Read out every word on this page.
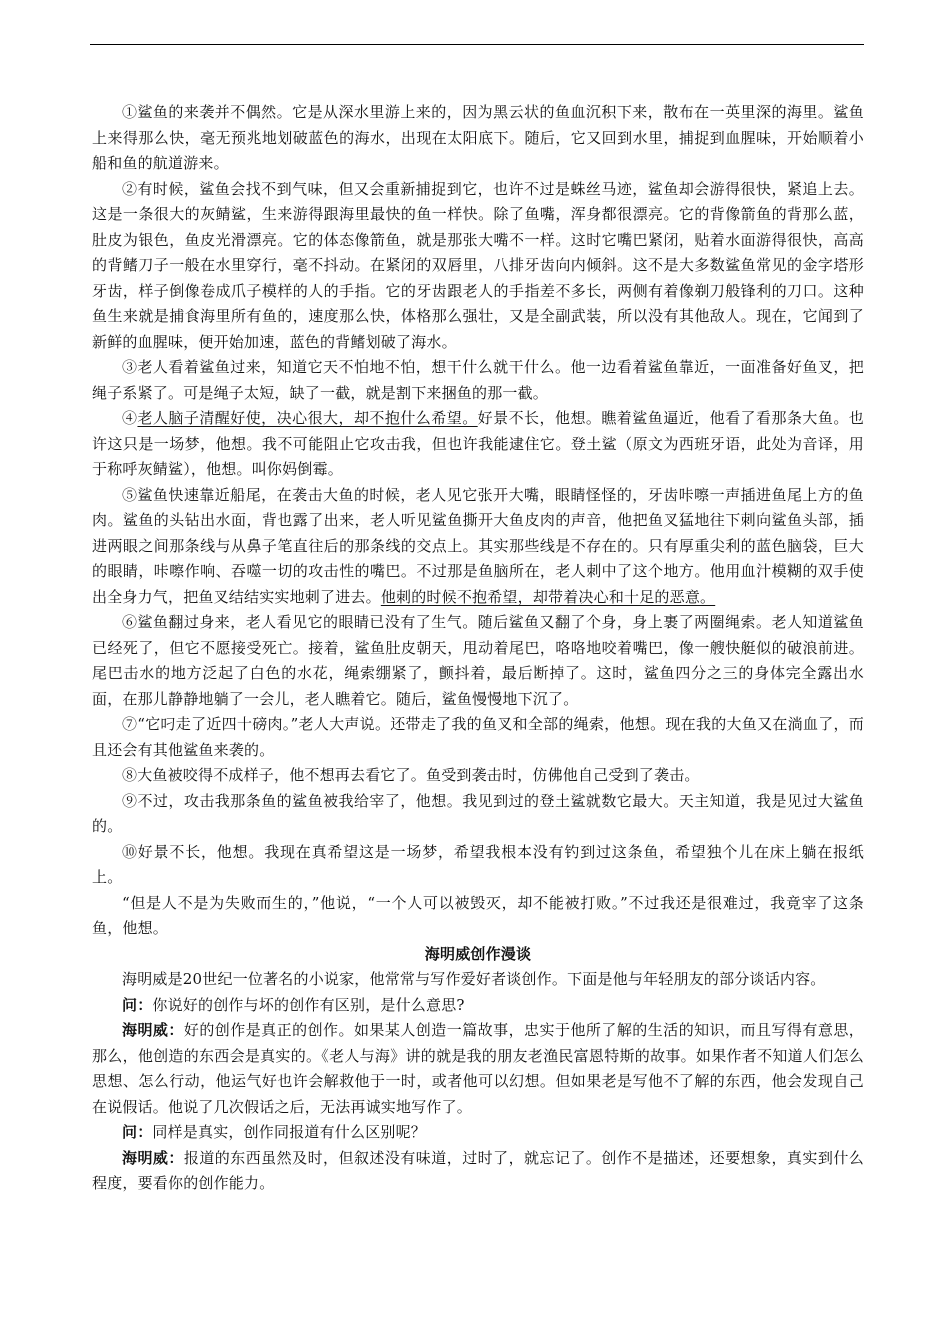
①鲨鱼的来袭并不偶然。它是从深水里游上来的，因为黑云状的鱼血沉积下来，散布在一英里深的海里。鲨鱼上来得那么快，毫无预兆地划破蓝色的海水，出现在太阳底下。随后，它又回到水里，捕捉到血腥味，开始顺着小船和鱼的航道游来。

②有时候，鲨鱼会找不到气味，但又会重新捕捉到它，也许不过是蛛丝马迹，鲨鱼却会游得很快，紧追上去。这是一条很大的灰鲭鲨，生来游得跟海里最快的鱼一样快。除了鱼嘴，浑身都很漂亮。它的背像箭鱼的背那么蓝，肚皮为银色，鱼皮光滑漂亮。它的体态像箭鱼，就是那张大嘴不一样。这时它嘴巴紧闭，贴着水面游得很快，高高的背鳍刀子一般在水里穿行，毫不抖动。在紧闭的双唇里，八排牙齿向内倾斜。这不是大多数鲨鱼常见的金字塔形牙齿，样子倒像卷成爪子模样的人的手指。它的牙齿跟老人的手指差不多长，两侧有着像剃刀般锋利的刀口。这种鱼生来就是捕食海里所有鱼的，速度那么快，体格那么强壮，又是全副武装，所以没有其他敌人。现在，它闻到了新鲜的血腥味，便开始加速，蓝色的背鳍划破了海水。

③老人看着鲨鱼过来，知道它天不怕地不怕，想干什么就干什么。他一边看着鲨鱼靠近，一面准备好鱼叉，把绳子系紧了。可是绳子太短，缺了一截，就是割下来捆鱼的那一截。

④老人脑子清醒好使，决心很大，却不抱什么希望。好景不长，他想。瞧着鲨鱼逼近，他看了看那条大鱼。也许这只是一场梦，他想。我不可能阻止它攻击我，但也许我能逮住它。登土鲨（原文为西班牙语，此处为音译，用于称呼灰鲭鲨），他想。叫你妈倒霉。

⑤鲨鱼快速靠近船尾，在袭击大鱼的时候，老人见它张开大嘴，眼睛怪怪的，牙齿咔嚓一声插进鱼尾上方的鱼肉。鲨鱼的头钻出水面，背也露了出来，老人听见鲨鱼撕开大鱼皮肉的声音，他把鱼叉猛地往下刺向鲨鱼头部，插进两眼之间那条线与从鼻子笔直往后的那条线的交点上。其实那些线是不存在的。只有厚重尖利的蓝色脑袋，巨大的眼睛，咔嚓作响、吞噬一切的攻击性的嘴巴。不过那是鱼脑所在，老人刺中了这个地方。他用血汁模糊的双手使出全身力气，把鱼叉结结实实地刺了进去。他刺的时候不抱希望，却带着决心和十足的恶意。

⑥鲨鱼翻过身来，老人看见它的眼睛已没有了生气。随后鲨鱼又翻了个身，身上裹了两圈绳索。老人知道鲨鱼已经死了，但它不愿接受死亡。接着，鲨鱼肚皮朝天，甩动着尾巴，咯咯地咬着嘴巴，像一艘快艇似的破浪前进。尾巴击水的地方泛起了白色的水花，绳索绷紧了，颤抖着，最后断掉了。这时，鲨鱼四分之三的身体完全露出水面，在那儿静静地躺了一会儿，老人瞧着它。随后，鲨鱼慢慢地下沉了。

⑦“它叼走了近四十磅肉。”老人大声说。还带走了我的鱼叉和全部的绳索，他想。现在我的大鱼又在淌血了，而且还会有其他鲨鱼来袭的。

⑧大鱼被咬得不成样子，他不想再去看它了。鱼受到袭击时，仿佛他自己受到了袭击。

⑨不过，攻击我那条鱼的鲨鱼被我给宰了，他想。我见到过的登土鲨就数它最大。天主知道，我是见过大鲨鱼的。

⑩好景不长，他想。我现在真希望这是一场梦，希望我根本没有钓到过这条鱼，希望独个儿在床上躺在报纸上。

“但是人不是为失败而生的，”他说，“一个人可以被毁灭，却不能被打败。”不过我还是很难过，我竟宰了这条鱼，他想。

海明威创作漫谈

海明威是20世纪一位著名的小说家，他常常与写作爱好者谈创作。下面是他与年轻朋友的部分谈话内容。

问：你说好的创作与坏的创作有区别，是什么意思?

海明威：好的创作是真正的创作。如果某人创造一篇故事，忠实于他所了解的生活的知识，而且写得有意思，那么，他创造的东西会是真实的。《老人与海》讲的就是我的朋友老渔民富恩特斯的故事。如果作者不知道人们怎么思想、怎么行动，他运气好也许会解救他于一时，或者他可以幻想。但如果老是写他不了解的东西，他会发现自己在说假话。他说了几次假话之后，无法再诚实地写作了。

问：同样是真实，创作同报道有什么区别呢？

海明威：报道的东西虽然及时，但叙述没有味道，过时了，就忘记了。创作不是描述，还要想象，真实到什么程度，要看你的创作能力。
